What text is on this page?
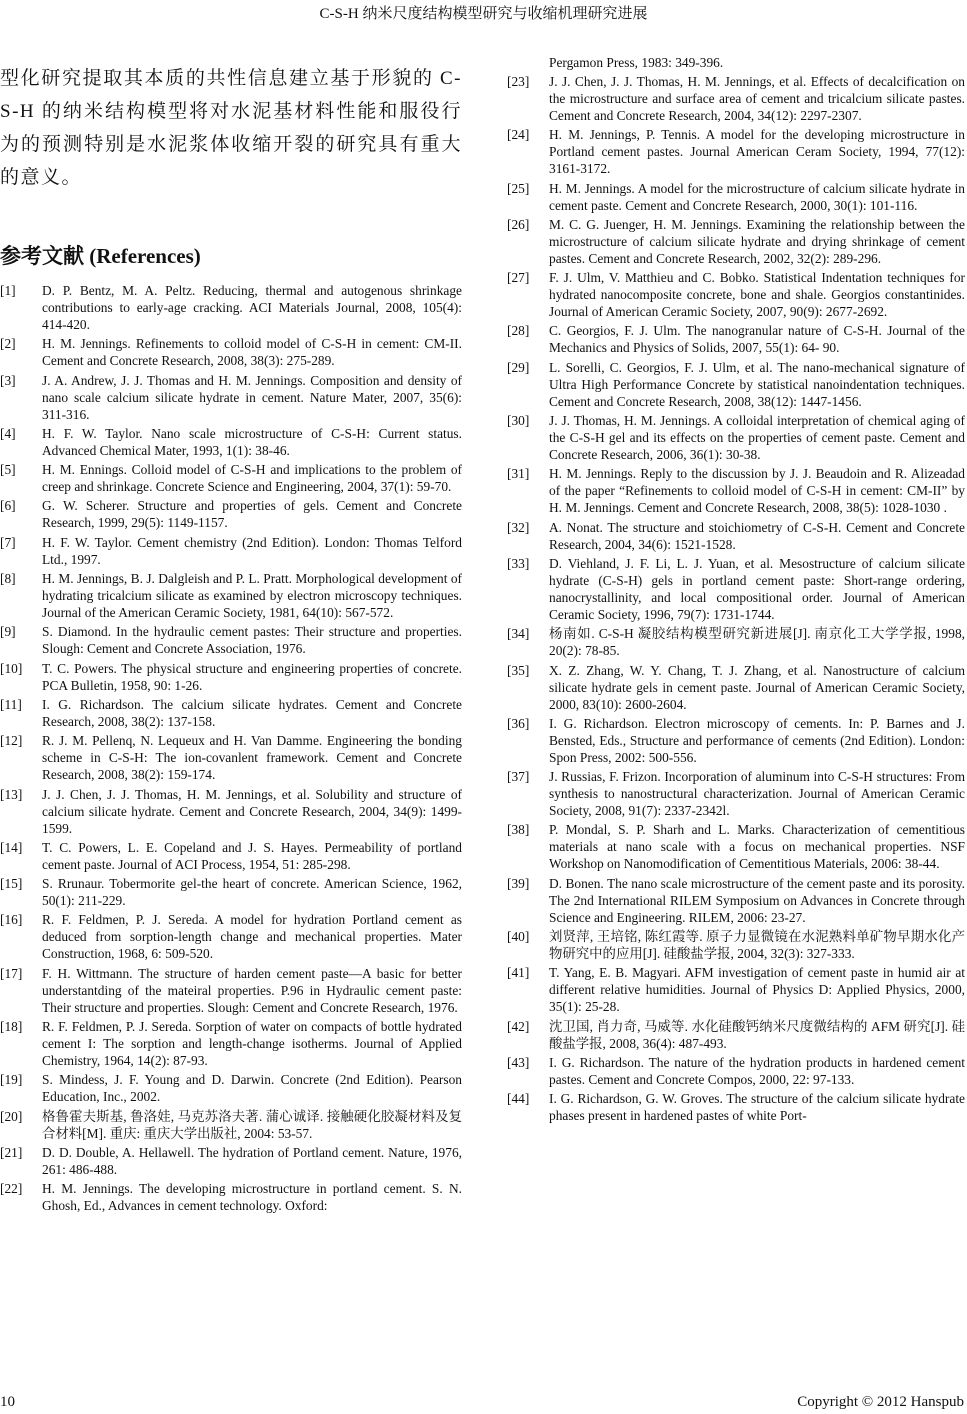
C-S-H 纳米尺度结构模型研究与收缩机理研究进展

型化研究提取其本质的共性信息建立基于形貌的 C-S-H 的纳米结构模型将对水泥基材料性能和服役行为的预测特别是水泥浆体收缩开裂的研究具有重大的意义。

参考文献 (References)
[1]	D. P. Bentz, M. A. Peltz. Reducing, thermal and autogenous shrinkage contributions to early-age cracking. ACI Materials Journal, 2008, 105(4): 414-420.
[2]	H. M. Jennings. Refinements to colloid model of C-S-H in cement: CM-II. Cement and Concrete Research, 2008, 38(3): 275-289.
[3]	J. A. Andrew, J. J. Thomas and H. M. Jennings. Composition and density of nano scale calcium silicate hydrate in cement. Nature Mater, 2007, 35(6): 311-316.
[4]	H. F. W. Taylor. Nano scale microstructure of C-S-H: Current status. Advanced Chemical Mater, 1993, 1(1): 38-46.
[5]	H. M. Ennings. Colloid model of C-S-H and implications to the problem of creep and shrinkage. Concrete Science and Engineering, 2004, 37(1): 59-70.
[6]	G. W. Scherer. Structure and properties of gels. Cement and Concrete Research, 1999, 29(5): 1149-1157.
[7]	H. F. W. Taylor. Cement chemistry (2nd Edition). London: Thomas Telford Ltd., 1997.
[8]	H. M. Jennings, B. J. Dalgleish and P. L. Pratt. Morphological development of hydrating tricalcium silicate as examined by electron microscopy techniques. Journal of the American Ceramic Society, 1981, 64(10): 567-572.
[9]	S. Diamond. In the hydraulic cement pastes: Their structure and properties. Slough: Cement and Concrete Association, 1976.
[10]	T. C. Powers. The physical structure and engineering properties of concrete. PCA Bulletin, 1958, 90: 1-26.
[11]	I. G. Richardson. The calcium silicate hydrates. Cement and Concrete Research, 2008, 38(2): 137-158.
[12]	R. J. M. Pellenq, N. Lequeux and H. Van Damme. Engineering the bonding scheme in C-S-H: The ion-covanlent framework. Cement and Concrete Research, 2008, 38(2): 159-174.
[13]	J. J. Chen, J. J. Thomas, H. M. Jennings, et al. Solubility and structure of calcium silicate hydrate. Cement and Concrete Research, 2004, 34(9): 1499-1599.
[14]	T. C. Powers, L. E. Copeland and J. S. Hayes. Permeability of portland cement paste. Journal of ACI Process, 1954, 51: 285-298.
[15]	S. Rrunaur. Tobermorite gel-the heart of concrete. American Science, 1962, 50(1): 211-229.
[16]	R. F. Feldmen, P. J. Sereda. A model for hydration Portland cement as deduced from sorption-length change and mechanical properties. Mater Construction, 1968, 6: 509-520.
[17]	F. H. Wittmann. The structure of harden cement paste—A basic for better understantding of the mateiral properties. P.96 in Hydraulic cement paste: Their structure and properties. Slough: Cement and Concrete Research, 1976.
[18]	R. F. Feldmen, P. J. Sereda. Sorption of water on compacts of bottle hydrated cement I: The sorption and length-change isotherms. Journal of Applied Chemistry, 1964, 14(2): 87-93.
[19]	S. Mindess, J. F. Young and D. Darwin. Concrete (2nd Edition). Pearson Education, Inc., 2002.
[20]	格鲁霍夫斯基, 鲁洛娃, 马克苏洛夫著. 蒲心诚译. 接触硬化胶凝材料及复合材料[M]. 重庆: 重庆大学出版社, 2004: 53-57.
[21]	D. D. Double, A. Hellawell. The hydration of Portland cement. Nature, 1976, 261: 486-488.
[22]	H. M. Jennings. The developing microstructure in portland cement. S. N. Ghosh, Ed., Advances in cement technology. Oxford:
Pergamon Press, 1983: 349-396.
[23]	J. J. Chen, J. J. Thomas, H. M. Jennings, et al. Effects of decalcification on the microstructure and surface area of cement and tricalcium silicate pastes. Cement and Concrete Research, 2004, 34(12): 2297-2307.
[24]	H. M. Jennings, P. Tennis. A model for the developing microstructure in Portland cement pastes. Journal American Ceram Society, 1994, 77(12): 3161-3172.
[25]	H. M. Jennings. A model for the microstructure of calcium silicate hydrate in cement paste. Cement and Concrete Research, 2000, 30(1): 101-116.
[26]	M. C. G. Juenger, H. M. Jennings. Examining the relationship between the microstructure of calcium silicate hydrate and drying shrinkage of cement pastes. Cement and Concrete Research, 2002, 32(2): 289-296.
[27]	F. J. Ulm, V. Matthieu and C. Bobko. Statistical Indentation techniques for hydrated nanocomposite concrete, bone and shale. Georgios constantinides. Journal of American Ceramic Society, 2007, 90(9): 2677-2692.
[28]	C. Georgios, F. J. Ulm. The nanogranular nature of C-S-H. Journal of the Mechanics and Physics of Solids, 2007, 55(1): 64- 90.
[29]	L. Sorelli, C. Georgios, F. J. Ulm, et al. The nano-mechanical signature of Ultra High Performance Concrete by statistical nanoindentation techniques. Cement and Concrete Research, 2008, 38(12): 1447-1456.
[30]	J. J. Thomas, H. M. Jennings. A colloidal interpretation of chemical aging of the C-S-H gel and its effects on the properties of cement paste. Cement and Concrete Research, 2006, 36(1): 30-38.
[31]	H. M. Jennings. Reply to the discussion by J. J. Beaudoin and R. Alizeadad of the paper “Refinements to colloid model of C-S-H in cement: CM-II” by H. M. Jennings. Cement and Concrete Research, 2008, 38(5): 1028-1030 .
[32]	A. Nonat. The structure and stoichiometry of C-S-H. Cement and Concrete Research, 2004, 34(6): 1521-1528.
[33]	D. Viehland, J. F. Li, L. J. Yuan, et al. Mesostructure of calcium silicate hydrate (C-S-H) gels in portland cement paste: Short-range ordering, nanocrystallinity, and local compositional order. Journal of American Ceramic Society, 1996, 79(7): 1731-1744.
[34]	杨南如. C-S-H 凝胶结构模型研究新进展[J]. 南京化工大学学报, 1998, 20(2): 78-85.
[35]	X. Z. Zhang, W. Y. Chang, T. J. Zhang, et al. Nanostructure of calcium silicate hydrate gels in cement paste. Journal of American Ceramic Society, 2000, 83(10): 2600-2604.
[36]	I. G. Richardson. Electron microscopy of cements. In: P. Barnes and J. Bensted, Eds., Structure and performance of cements (2nd Edition). London: Spon Press, 2002: 500-556.
[37]	J. Russias, F. Frizon. Incorporation of aluminum into C-S-H structures: From synthesis to nanostructural characterization. Journal of American Ceramic Society, 2008, 91(7): 2337-2342l.
[38]	P. Mondal, S. P. Sharh and L. Marks. Characterization of cementitious materials at nano scale with a focus on mechanical properties. NSF Workshop on Nanomodification of Cementitious Materials, 2006: 38-44.
[39]	D. Bonen. The nano scale microstructure of the cement paste and its porosity. The 2nd International RILEM Symposium on Advances in Concrete through Science and Engineering. RILEM, 2006: 23-27.
[40]	刘贤萍, 王培铭, 陈红霞等. 原子力显微镜在水泥熟料单矿物早期水化产物研究中的应用[J]. 硅酸盐学报, 2004, 32(3): 327-333.
[41]	T. Yang, E. B. Magyari. AFM investigation of cement paste in humid air at different relative humidities. Journal of Physics D: Applied Physics, 2000, 35(1): 25-28.
[42]	沈卫国, 肖力奇, 马威等. 水化硅酸钙纳米尺度微结构的 AFM 研究[J]. 硅酸盐学报, 2008, 36(4): 487-493.
[43]	I. G. Richardson. The nature of the hydration products in hardened cement pastes. Cement and Concrete Compos, 2000, 22: 97-133.
[44]	I. G. Richardson, G. W. Groves. The structure of the calcium silicate hydrate phases present in hardened pastes of white Port-
10	Copyright © 2012 Hanspub
